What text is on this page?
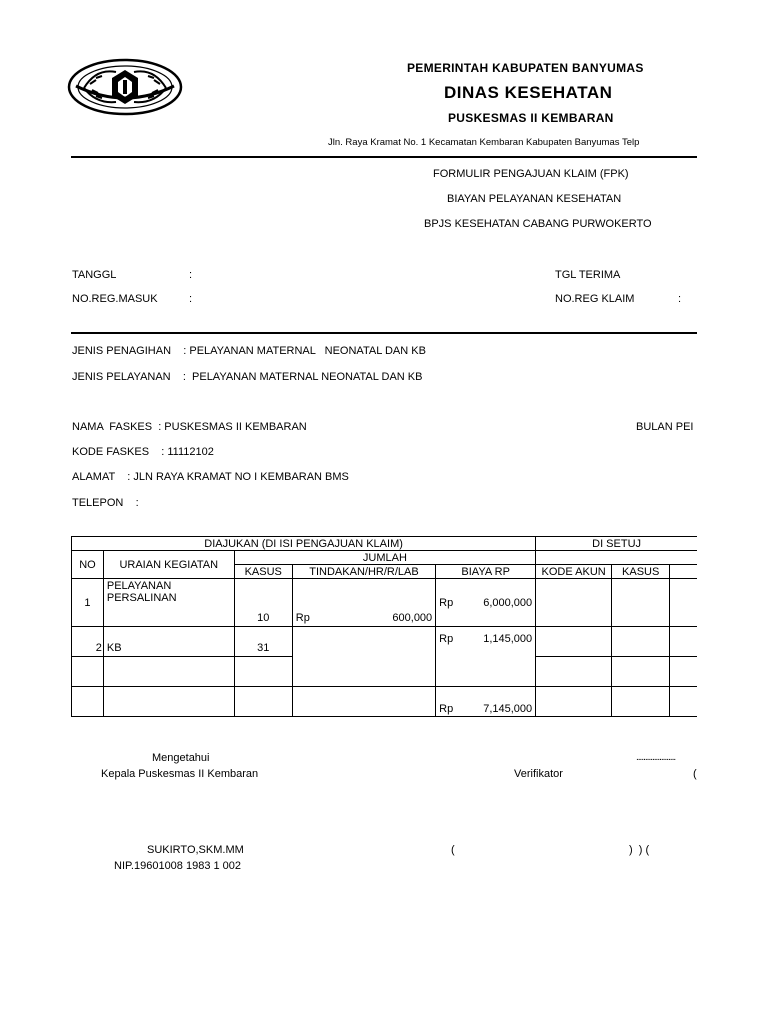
PEMERINTAH KABUPATEN BANYUMAS
DINAS KESEHATAN
PUSKESMAS II KEMBARAN
Jln. Raya Kramat No. 1 Kecamatan Kembaran Kabupaten Banyumas Telp
FORMULIR PENGAJUAN KLAIM (FPK)
BIAYAN PELAYANAN KESEHATAN
BPJS KESEHATAN CABANG PURWOKERTO
TANGGL	:
NO.REG.MASUK	:
TGL TERIMA
NO.REG KLAIM	:
JENIS PENAGIHAN    : PELAYANAN MATERNAL   NEONATAL DAN KB
JENIS PELAYANAN    :  PELAYANAN MATERNAL NEONATAL DAN KB
NAMA  FASKES  : PUSKESMAS II KEMBARAN	BULAN PEI
KODE FASKES    : 11112102
ALAMAT    : JLN RAYA KRAMAT NO I KEMBARAN BMS
TELEPON    :
DIAJUKAN (DI ISI PENGAJUAN KLAIM)					DI SETUJ		
NO	URAIAN KEGIATAN	JUMLAH					
		KASUS	TINDAKAN/HR/R/LAB	BIAYA RP	KODE AKUN	KASUS	
1	PELAYANAN PERSALINAN	10	Rp 600,000	Rp 6,000,000			

2	KB	31		Rp 1,145,000			

				Rp 7,145,000			

Mengetahui
Kepala Puskesmas II Kembaran
......................
Verifikator	(
SUKIRTO,SKM.MM
NIP.19601008 1983 1 002
(	)  ) (
